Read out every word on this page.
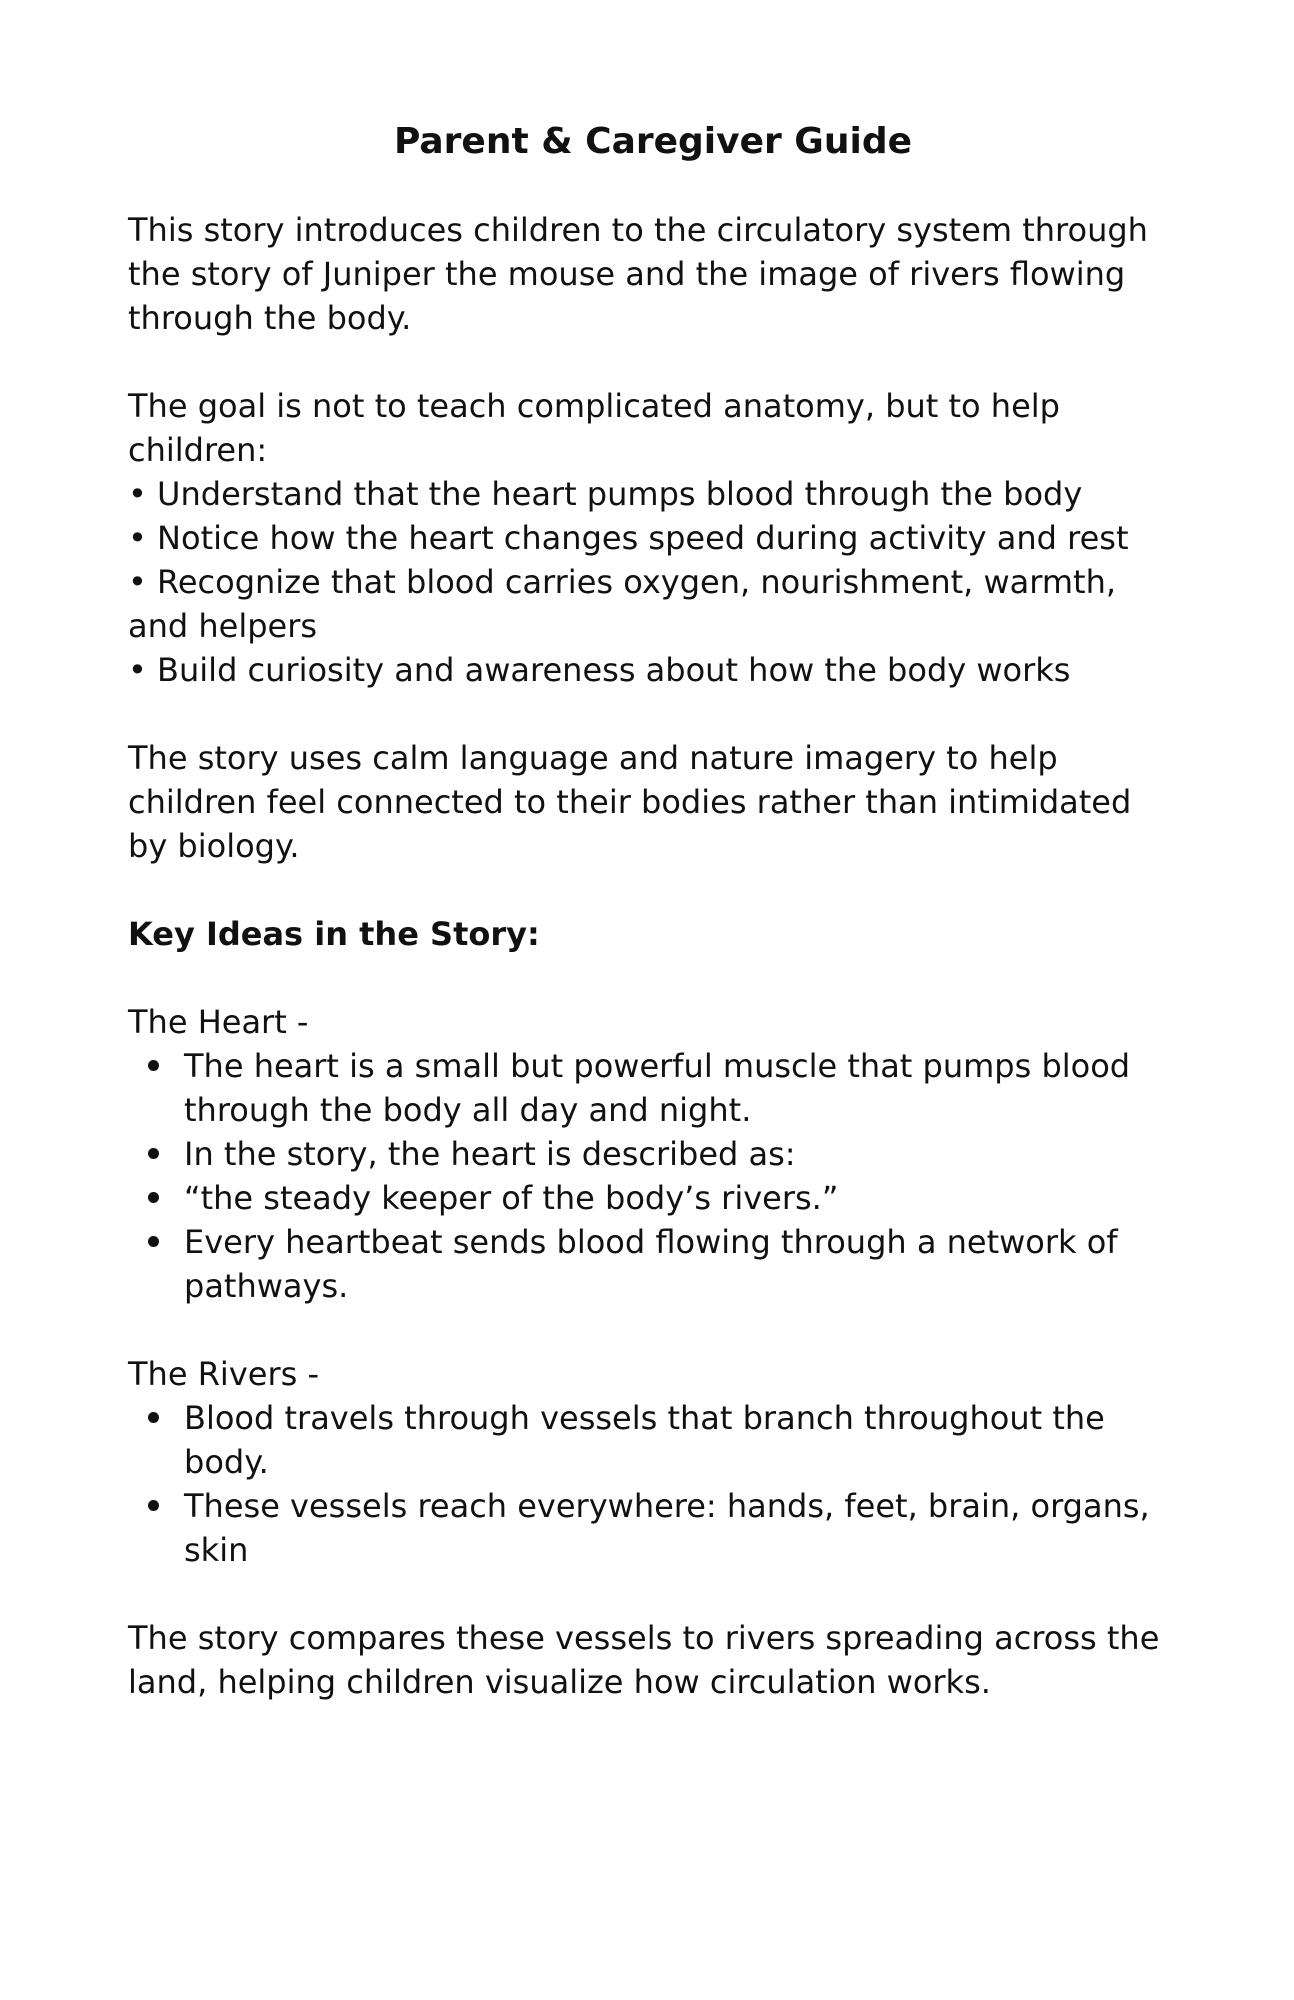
Parent & Caregiver Guide

This story introduces children to the circulatory system through the story of Juniper the mouse and the image of rivers flowing through the body.

The goal is not to teach complicated anatomy, but to help children:

• Understand that the heart pumps blood through the body
• Notice how the heart changes speed during activity and rest
• Recognize that blood carries oxygen, nourishment, warmth, and helpers
• Build curiosity and awareness about how the body works

The story uses calm language and nature imagery to help children feel connected to their bodies rather than intimidated by biology.

Key Ideas in the Story:

The Heart -

The heart is a small but powerful muscle that pumps blood through the body all day and night.
In the story, the heart is described as:
“the steady keeper of the body’s rivers.”
Every heartbeat sends blood flowing through a network of pathways.

The Rivers -

Blood travels through vessels that branch throughout the body.
These vessels reach everywhere: hands, feet, brain, organs, skin

The story compares these vessels to rivers spreading across the land, helping children visualize how circulation works.
